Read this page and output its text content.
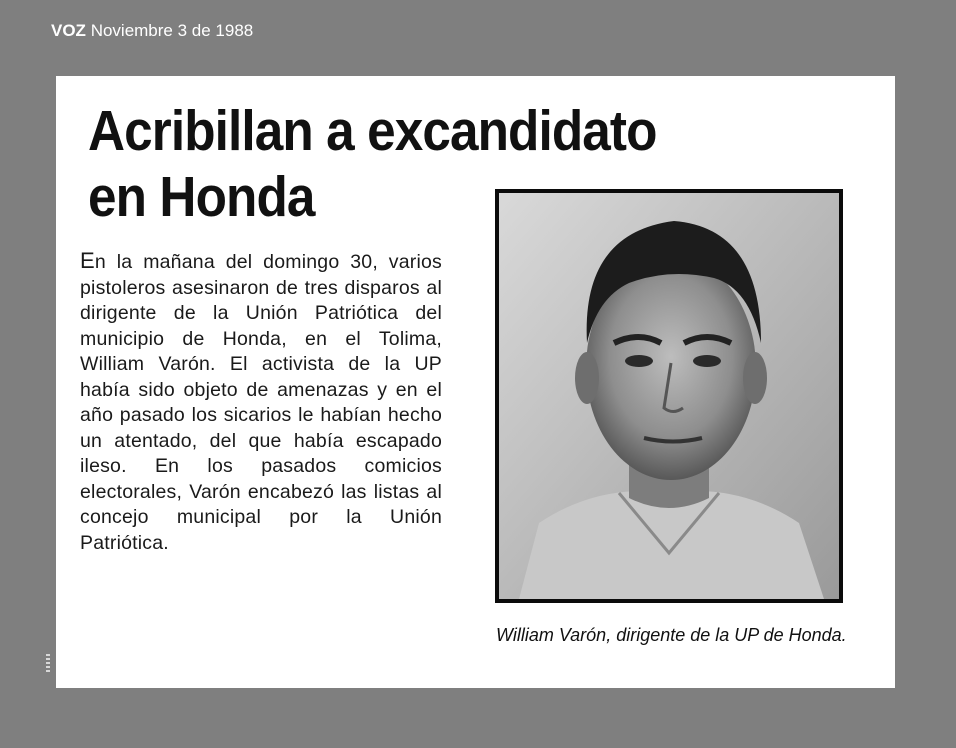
VOZ Noviembre 3 de 1988
Acribillan a excandidato
en Honda

En la mañana del domingo 30, varios pistoleros asesinaron de tres disparos al dirigente de la Unión Patriótica del municipio de Honda, en el Tolima, William Varón. El activista de la UP había sido objeto de amenazas y en el año pasado los sicarios le habían hecho un atentado, del que había escapado ileso. En los pasados comicios electorales, Varón encabezó las listas al concejo municipal por la Unión Patriótica.

William Varón, dirigente de la UP de Honda.
